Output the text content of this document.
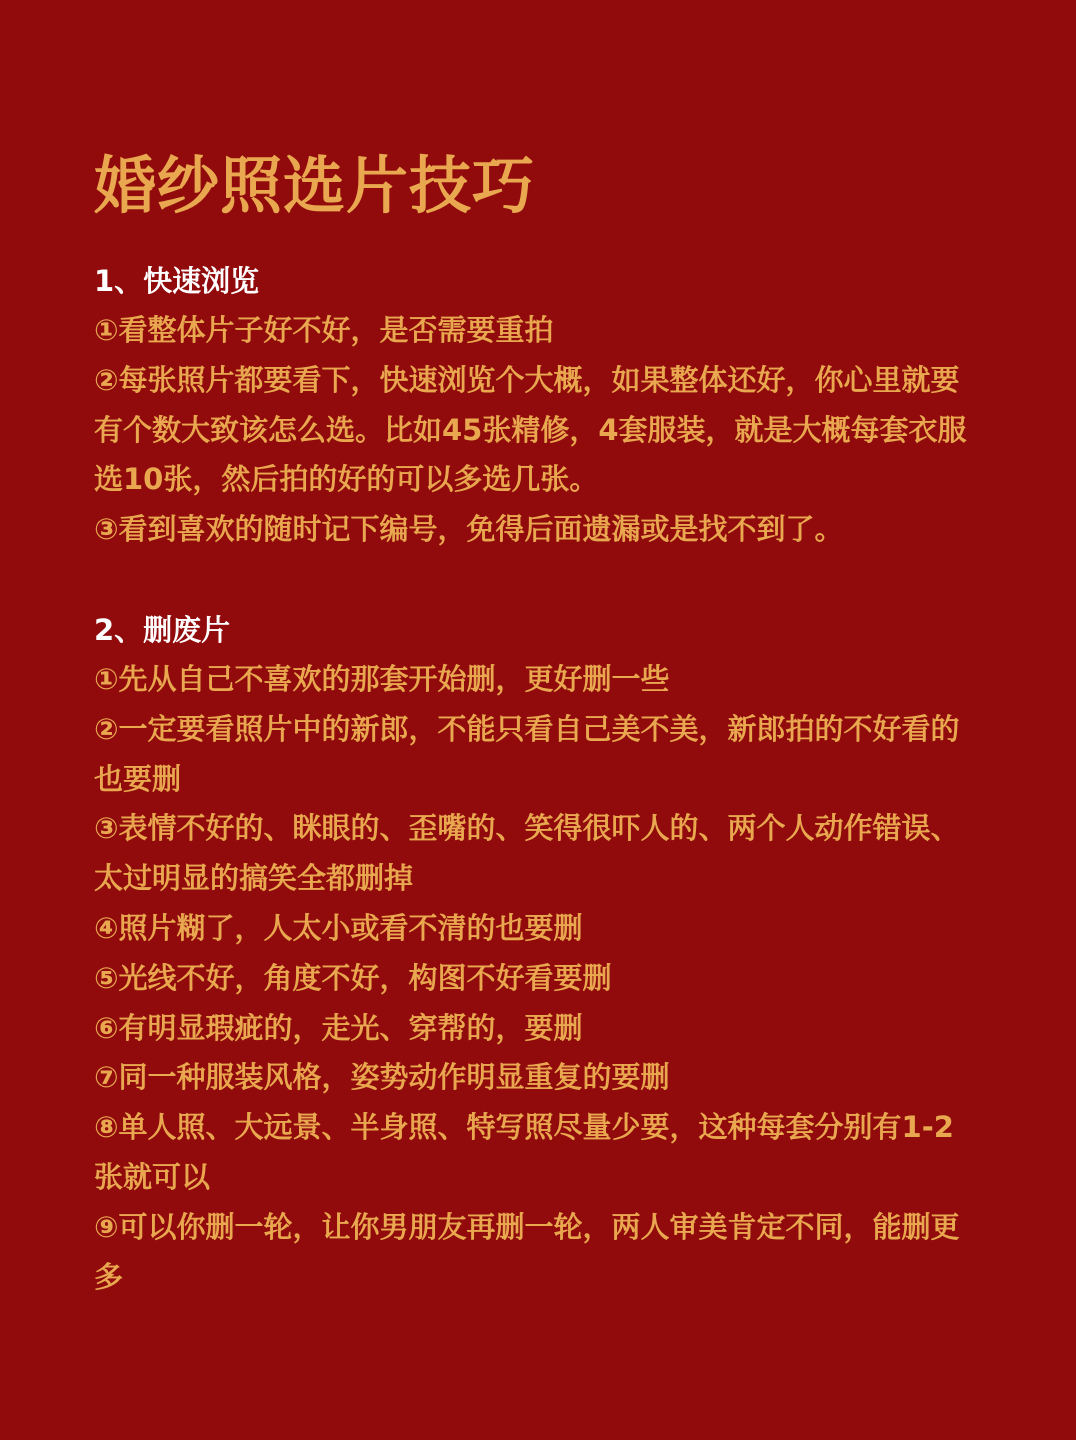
婚纱照选片技巧
1、快速浏览

①看整体片子好不好，是否需要重拍

②每张照片都要看下，快速浏览个大概，如果整体还好，你心里就要有个数大致该怎么选。比如45张精修，4套服装，就是大概每套衣服选10张，然后拍的好的可以多选几张。

③看到喜欢的随时记下编号，免得后面遗漏或是找不到了。

2、删废片

①先从自己不喜欢的那套开始删，更好删一些

②一定要看照片中的新郎，不能只看自己美不美，新郎拍的不好看的也要删

③表情不好的、眯眼的、歪嘴的、笑得很吓人的、两个人动作错误、太过明显的搞笑全都删掉

④照片糊了，人太小或看不清的也要删

⑤光线不好，角度不好，构图不好看要删

⑥有明显瑕疵的，走光、穿帮的，要删

⑦同一种服装风格，姿势动作明显重复的要删

⑧单人照、大远景、半身照、特写照尽量少要，这种每套分别有1-2张就可以

⑨可以你删一轮，让你男朋友再删一轮，两人审美肯定不同，能删更多
